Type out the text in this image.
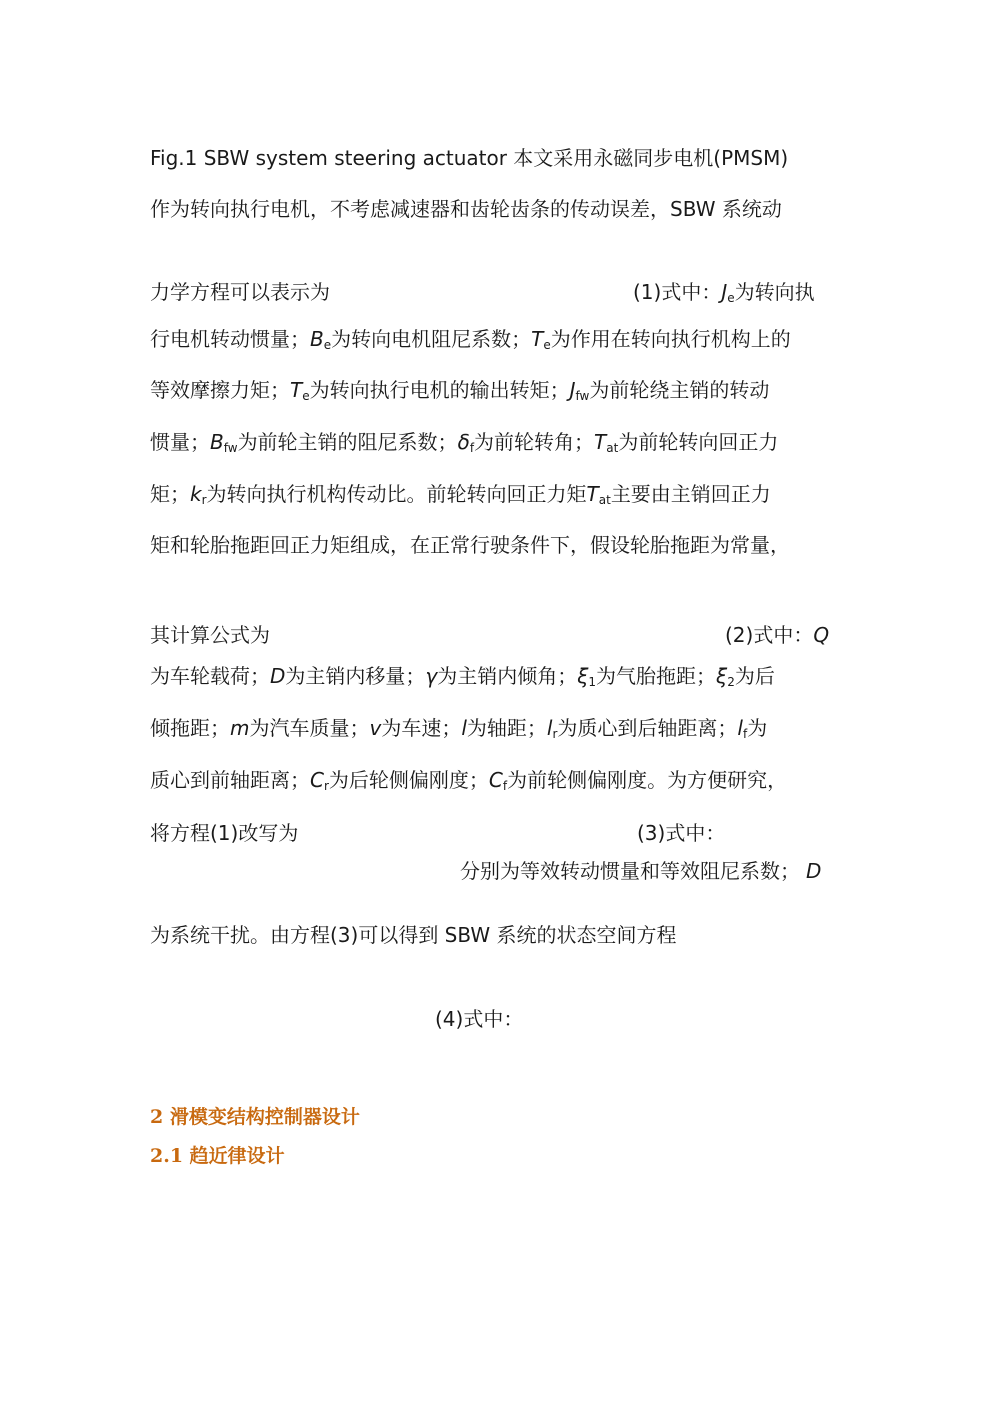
Fig.1 SBW system steering actuator 本文采用永磁同步电机(PMSM)
作为转向执行电机，不考虑减速器和齿轮齿条的传动误差，SBW 系统动
力学方程可以表示为	(1)式中：$J_e$为转向执
行电机转动惯量；$B_e$为转向电机阻尼系数；$T_e$为作用在转向执行机构上的
等效摩擦力矩；$T_e$为转向执行电机的输出转矩；$J_{fw}$为前轮绕主销的转动
惯量；$B_{fw}$为前轮主销的阻尼系数；$\delta_f$为前轮转角；$T_{at}$为前轮转向回正力
矩；$k_r$为转向执行机构传动比。前轮转向回正力矩$T_{at}$主要由主销回正力
矩和轮胎拖距回正力矩组成，在正常行驶条件下，假设轮胎拖距为常量，
其计算公式为	(2)式中：Q
为车轮载荷；D为主销内移量；γ为主销内倾角；$\xi_1$为气胎拖距；$\xi_2$为后
倾拖距；m为汽车质量；v为车速；l为轴距；$l_r$为质心到后轴距离；$l_f$为
质心到前轴距离；$C_r$为后轮侧偏刚度；$C_f$为前轮侧偏刚度。为方便研究，
将方程(1)改写为	(3)式中：
分别为等效转动惯量和等效阻尼系数； D
为系统干扰。由方程(3)可以得到 SBW 系统的状态空间方程
(4)式中：
2 滑模变结构控制器设计
2.1 趋近律设计
